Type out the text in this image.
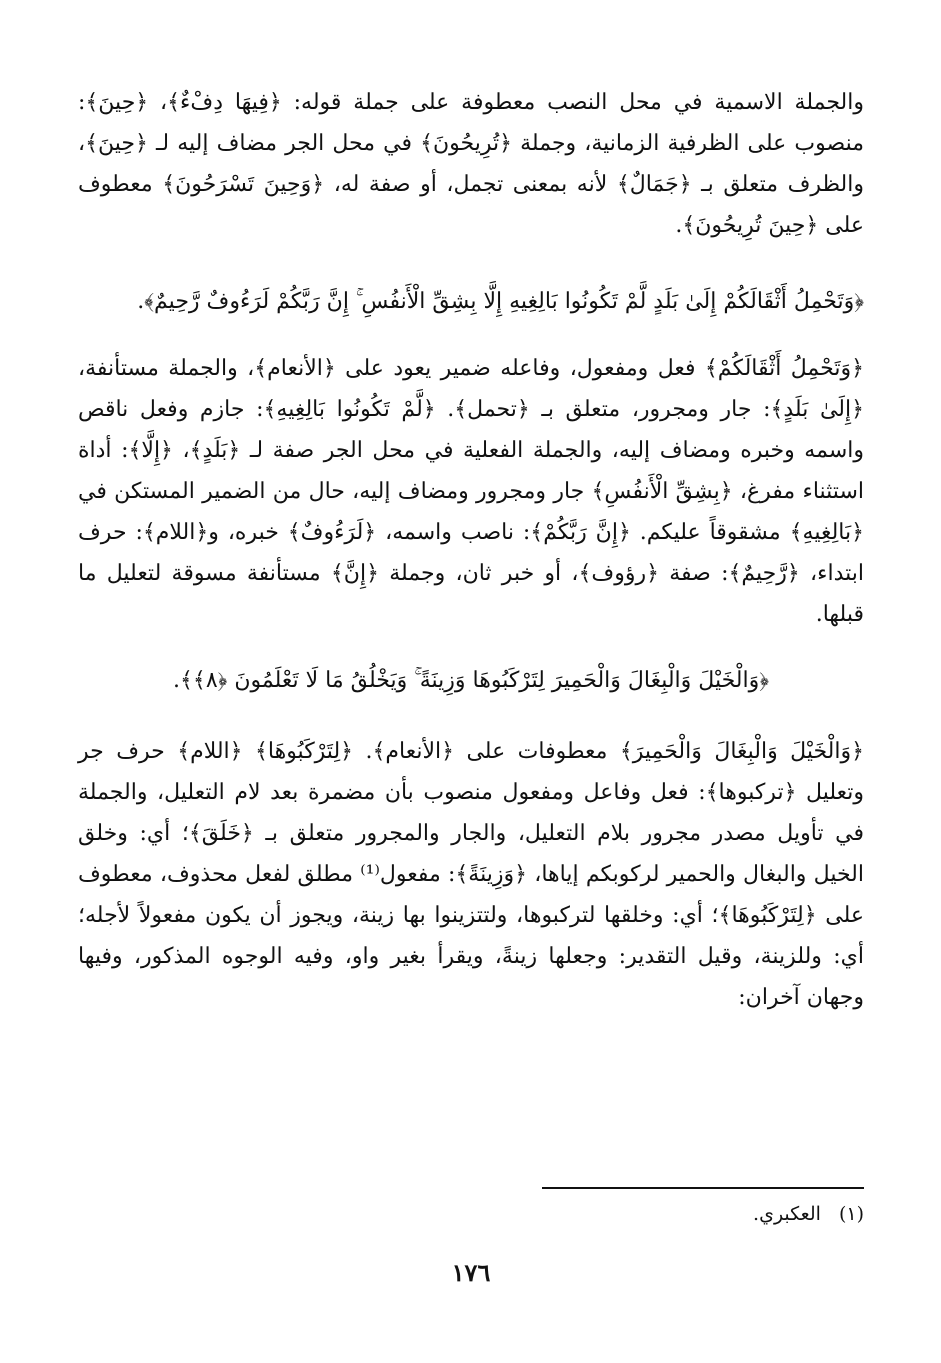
والجملة الاسمية في محل النصب معطوفة على جملة قوله: ﴿فِيهَا دِفْءٌ﴾، ﴿حِينَ﴾: منصوب على الظرفية الزمانية، وجملة ﴿تُرِيحُونَ﴾ في محل الجر مضاف إليه لـ ﴿حِينَ﴾، والظرف متعلق بـ ﴿جَمَالٌ﴾ لأنه بمعنى تجمل، أو صفة له، ﴿وَحِينَ تَسْرَحُونَ﴾ معطوف على ﴿حِينَ تُرِيحُونَ﴾.

﴿وَتَحْمِلُ أَثْقَالَكُمْ إِلَىٰ بَلَدٍ لَّمْ تَكُونُوا بَالِغِيهِ إِلَّا بِشِقِّ الْأَنفُسِ ۚ إِنَّ رَبَّكُمْ لَرَءُوفٌ رَّحِيمٌ﴾.

﴿وَتَحْمِلُ أَثْقَالَكُمْ﴾ فعل ومفعول، وفاعله ضمير يعود على ﴿الأنعام﴾، والجملة مستأنفة، ﴿إِلَىٰ بَلَدٍ﴾: جار ومجرور، متعلق بـ ﴿تحمل﴾. ﴿لَّمْ تَكُونُوا بَالِغِيهِ﴾: جازم وفعل ناقص واسمه وخبره ومضاف إليه، والجملة الفعلية في محل الجر صفة لـ ﴿بَلَدٍ﴾، ﴿إِلَّا﴾: أداة استثناء مفرغ، ﴿بِشِقِّ الْأَنفُسِ﴾ جار ومجرور ومضاف إليه، حال من الضمير المستكن في ﴿بَالِغِيهِ﴾ مشقوقاً عليكم. ﴿إِنَّ رَبَّكُمْ﴾: ناصب واسمه، ﴿لَرَءُوفٌ﴾ خبره، و﴿اللام﴾: حرف ابتداء، ﴿رَّحِيمٌ﴾: صفة ﴿رؤوف﴾، أو خبر ثان، وجملة ﴿إِنَّ﴾ مستأنفة مسوقة لتعليل ما قبلها.

﴿وَالْخَيْلَ وَالْبِغَالَ وَالْحَمِيرَ لِتَرْكَبُوهَا وَزِينَةً ۚ وَيَخْلُقُ مَا لَا تَعْلَمُونَ ﴿٨﴾﴾.

﴿وَالْخَيْلَ وَالْبِغَالَ وَالْحَمِيرَ﴾ معطوفات على ﴿الأنعام﴾. ﴿لِتَرْكَبُوهَا﴾ ﴿اللام﴾ حرف جر وتعليل ﴿تركبوها﴾: فعل وفاعل ومفعول منصوب بأن مضمرة بعد لام التعليل، والجملة في تأويل مصدر مجرور بلام التعليل، والجار والمجرور متعلق بـ ﴿خَلَقَ﴾؛ أي: وخلق الخيل والبغال والحمير لركوبكم إياها، ﴿وَزِينَةً﴾: مفعول⁽¹⁾ مطلق لفعل محذوف، معطوف على ﴿لِتَرْكَبُوهَا﴾؛ أي: وخلقها لتركبوها، ولتتزينوا بها زينة، ويجوز أن يكون مفعولاً لأجله؛ أي: وللزينة، وقيل التقدير: وجعلها زينةً، ويقرأ بغير واو، وفيه الوجوه المذكور، وفيها وجهان آخران:

(١) العكبري.
١٧٦
